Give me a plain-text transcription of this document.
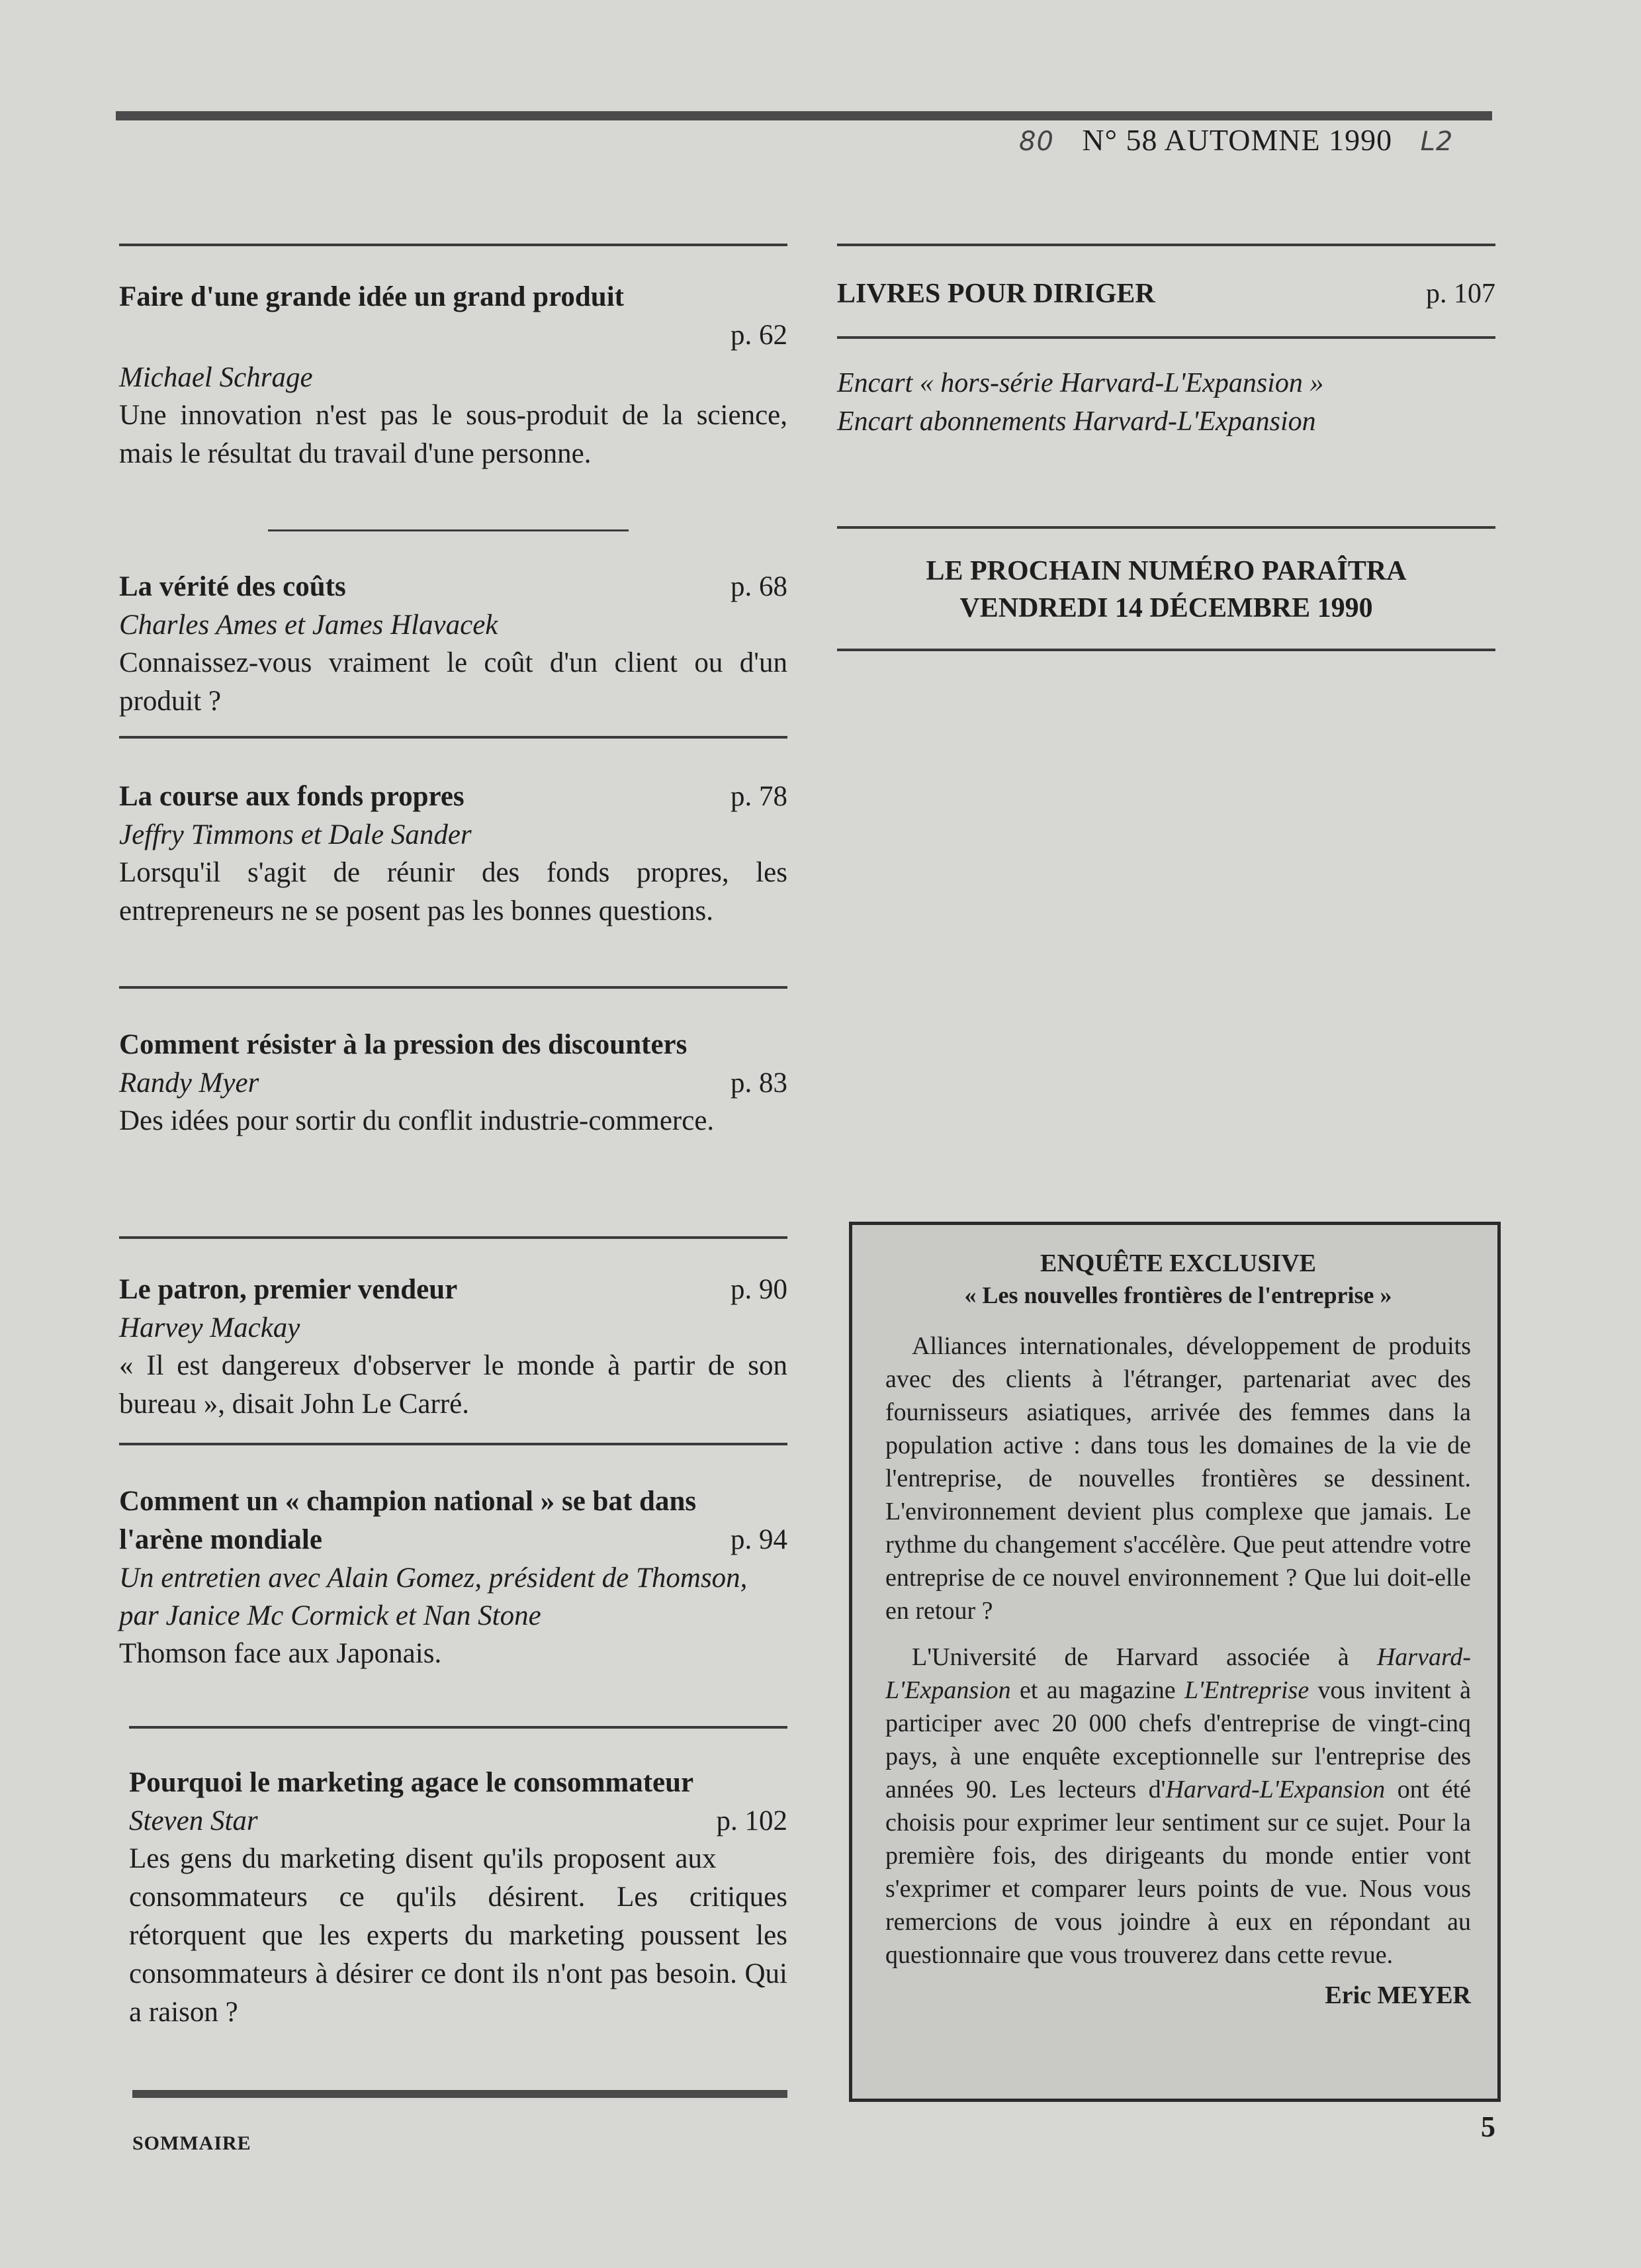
80 N° 58 AUTOMNE 1990 L2
Faire d'une grande idée un grand produit
p. 62
Michael Schrage
Une innovation n'est pas le sous-produit de la science, mais le résultat du travail d'une personne.
p. 68
La vérité des coûts
Charles Ames et James Hlavacek
Connaissez-vous vraiment le coût d'un client ou d'un produit ?
p. 78
La course aux fonds propres
Jeffry Timmons et Dale Sander
Lorsqu'il s'agit de réunir des fonds propres, les entrepreneurs ne se posent pas les bonnes questions.
p. 83
Comment résister à la pression des discounters
Randy Myer
Des idées pour sortir du conflit industrie-commerce.
p. 90
Le patron, premier vendeur
Harvey Mackay
« Il est dangereux d'observer le monde à partir de son bureau », disait John Le Carré.
p. 94
Comment un « champion national » se bat dans l'arène mondiale
Un entretien avec Alain Gomez, président de Thomson, par Janice Mc Cormick et Nan Stone
Thomson face aux Japonais.
p. 102
Pourquoi le marketing agace le consommateur
Steven Star
Les gens du marketing disent qu'ils proposent aux consommateurs ce qu'ils désirent. Les critiques rétorquent que les experts du marketing poussent les consommateurs à désirer ce dont ils n'ont pas besoin. Qui a raison ?
p. 107
LIVRES POUR DIRIGER
Encart « hors-série Harvard-L'Expansion »
Encart abonnements Harvard-L'Expansion
LE PROCHAIN NUMÉRO PARAÎTRA
VENDREDI 14 DÉCEMBRE 1990
ENQUÊTE EXCLUSIVE
« Les nouvelles frontières de l'entreprise »

Alliances internationales, développement de produits avec des clients à l'étranger, partenariat avec des fournisseurs asiatiques, arrivée des femmes dans la population active : dans tous les domaines de la vie de l'entreprise, de nouvelles frontières se dessinent. L'environnement devient plus complexe que jamais. Le rythme du changement s'accélère. Que peut attendre votre entreprise de ce nouvel environnement ? Que lui doit-elle en retour ?

L'Université de Harvard associée à Harvard-L'Expansion et au magazine L'Entreprise vous invitent à participer avec 20 000 chefs d'entreprise de vingt-cinq pays, à une enquête exceptionnelle sur l'entreprise des années 90. Les lecteurs d'Harvard-L'Expansion ont été choisis pour exprimer leur sentiment sur ce sujet. Pour la première fois, des dirigeants du monde entier vont s'exprimer et comparer leurs points de vue. Nous vous remercions de vous joindre à eux en répondant au questionnaire que vous trouverez dans cette revue.

Eric MEYER
SOMMAIRE
5
